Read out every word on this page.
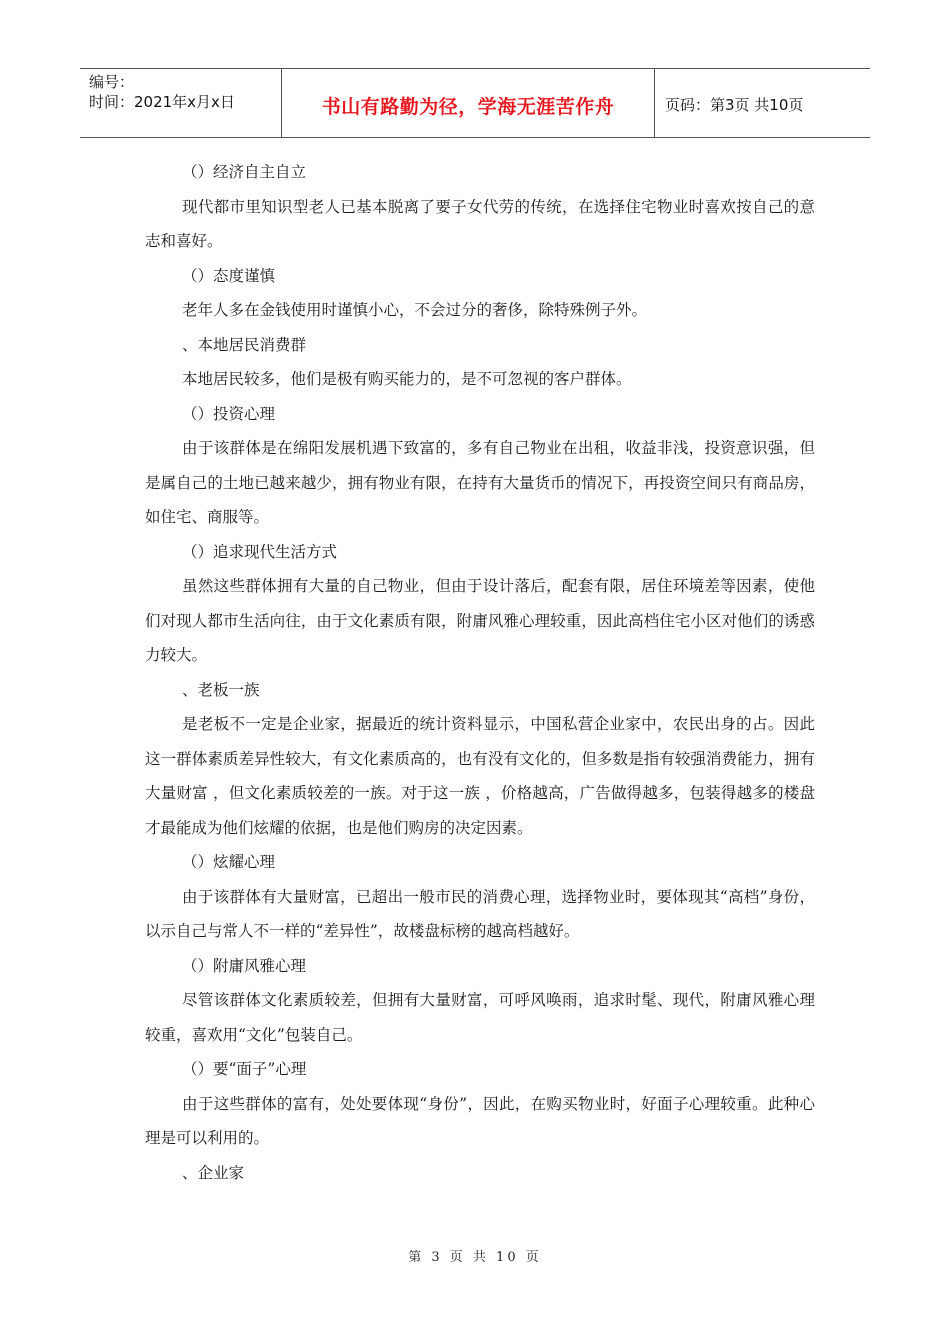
编号：
时间：2021年x月x日	书山有路勤为径，学海无涯苦作舟	页码：第3页 共10页

（）经济自主自立

现代都市里知识型老人已基本脱离了要子女代劳的传统，在选择住宅物业时喜欢按自己的意志和喜好。

（）态度谨慎

老年人多在金钱使用时谨慎小心，不会过分的奢侈，除特殊例子外。

、本地居民消费群

本地居民较多，他们是极有购买能力的，是不可忽视的客户群体。

（）投资心理

由于该群体是在绵阳发展机遇下致富的，多有自己物业在出租，收益非浅，投资意识强，但是属自己的土地已越来越少，拥有物业有限，在持有大量货币的情况下，再投资空间只有商品房，如住宅、商服等。

（）追求现代生活方式

虽然这些群体拥有大量的自己物业，但由于设计落后，配套有限，居住环境差等因素，使他们对现人都市生活向往，由于文化素质有限，附庸风雅心理较重，因此高档住宅小区对他们的诱惑力较大。

、老板一族

是老板不一定是企业家，据最近的统计资料显示，中国私营企业家中，农民出身的占。因此这一群体素质差异性较大，有文化素质高的，也有没有文化的，但多数是指有较强消费能力，拥有大量财富 ，但文化素质较差的一族。对于这一族 ，价格越高，广告做得越多，包装得越多的楼盘才最能成为他们炫耀的依据，也是他们购房的决定因素。

（）炫耀心理

由于该群体有大量财富，已超出一般市民的消费心理，选择物业时，要体现其“高档”身份，以示自己与常人不一样的“差异性”，故楼盘标榜的越高档越好。

（）附庸风雅心理

尽管该群体文化素质较差，但拥有大量财富，可呼风唤雨，追求时髦、现代，附庸风雅心理较重，喜欢用“文化”包装自己。

（）要“面子”心理

由于这些群体的富有，处处要体现“身份”，因此，在购买物业时，好面子心理较重。此种心理是可以利用的。

、企业家

第 3 页 共 10 页
